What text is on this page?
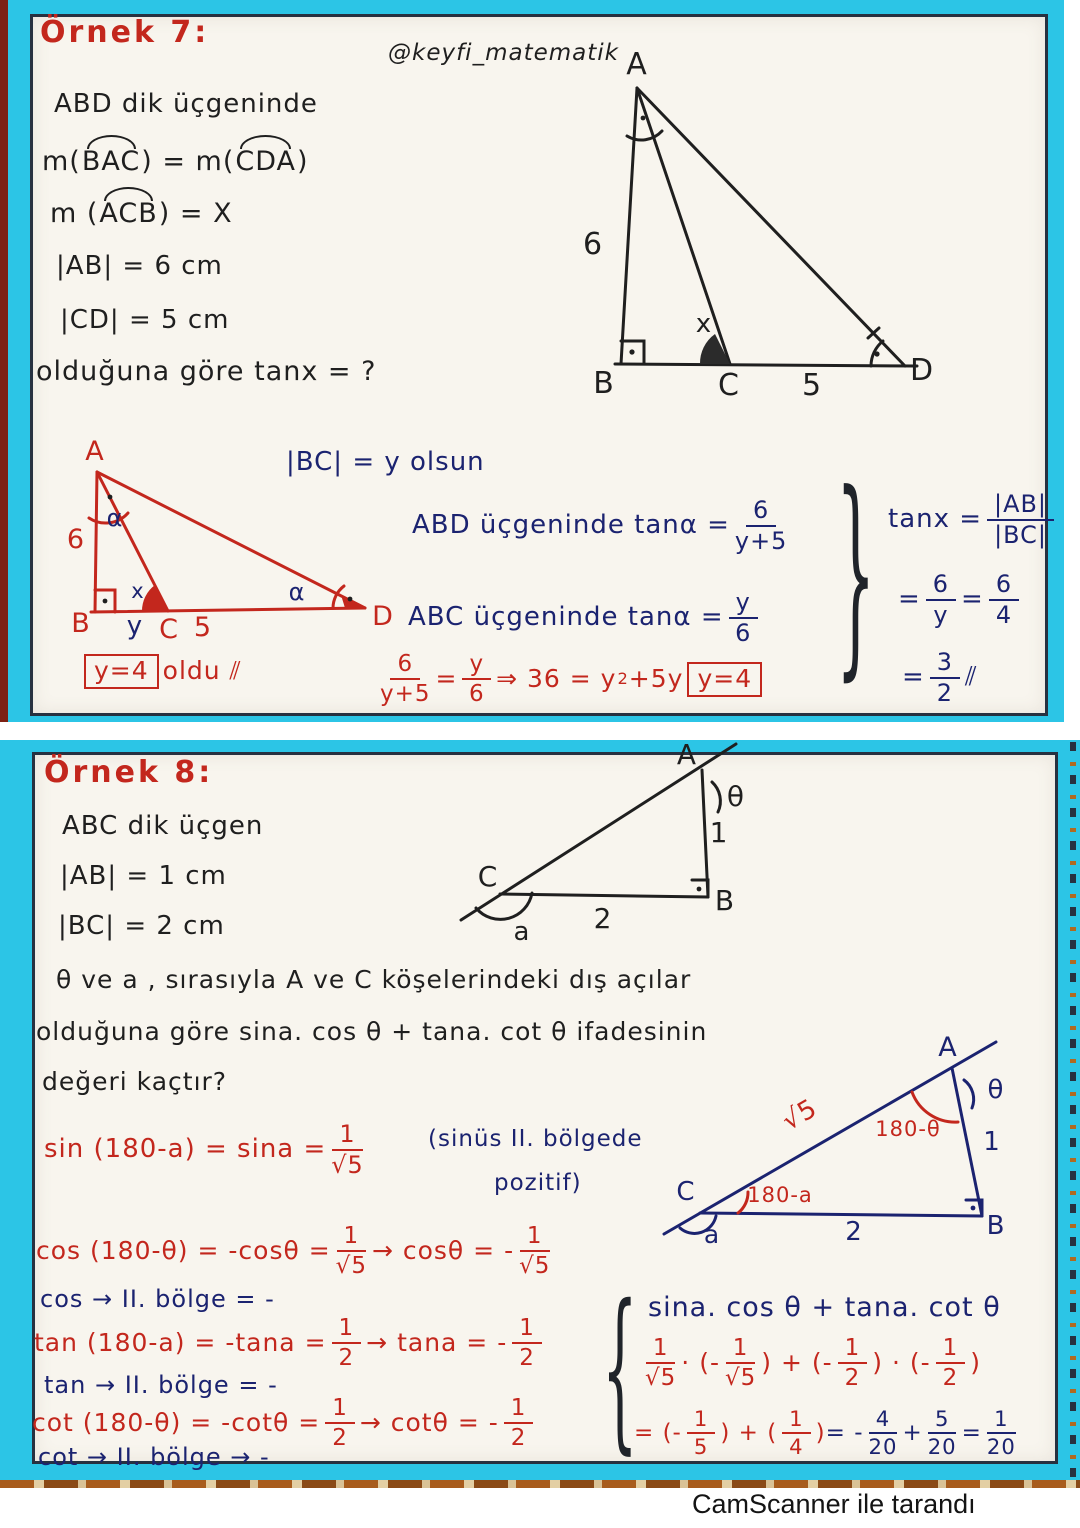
Örnek 7:
@keyfi_matematik
ABD dik üçgeninde
m( BAC ) = m( CDA )
m ( ACB ) = X
|AB| = 6 cm
|CD| = 5 cm
olduğuna göre tanx = ?
A
6
B	C 5	D
x
A
6
B	C 5	D
y
α
x	α
y=4 oldu ⫽
|BC| = y olsun
ABD üçgeninde $\tan\alpha = \frac{6}{y+5}$
ABC üçgeninde $\tan\alpha = \frac{y}{6}$
$\frac{6}{y+5} = \frac{y}{6}$ ⇒ 36 = y 2 +5y y=4 } $\tan x = \frac{|AB|}{|BC|}$
= $\frac{6}{y} = \frac{6}{4}$
= $\frac{3}{2}$ ⫽
Örnek 8:
ABC dik üçgen
|AB| = 1 cm
|BC| = 2 cm
A
θ
1
C
2
B
a
θ ve a , sırasıyla A ve C köşelerindeki dış açılar
olduğuna göre sina. cos θ + tana. cot θ ifadesinin
değeri kaçtır?
A
θ
1
C
a	2	B
√5	180-θ
180-a
$\sin (180-a) = \sin a = \frac{1}{√5}$	(sinüs II. bölgede
pozitif)
$\cos (180-\theta) = -\cos\theta = \frac{1}{√5} \to \cos\theta$ = - $\frac{1}{√5}$
cos → II. bölge = -
$\tan (180-a) = -\tan a = \frac{1}{2} \to \tan a$ = - $\frac{1}{2}$
tan → II. bölge = -
$\cot (180-\theta) = -\cot\theta = \frac{1}{2} \to \cot\theta$ = - $\frac{1}{2}$
cot → II. bölge → -	{ sina. cos θ + tana. cot θ
$\frac{1}{√5}$ · (- $\frac{1}{√5}$ ) + (- $\frac{1}{2}$ ) · (- $\frac{1}{2}$ )
= (- $\frac{1}{5}$ ) + ( $\frac{1}{4}$ ) = - $\frac{4}{20} + \frac{5}{20} = \frac{1}{20}$
CamScanner ile tarandı
